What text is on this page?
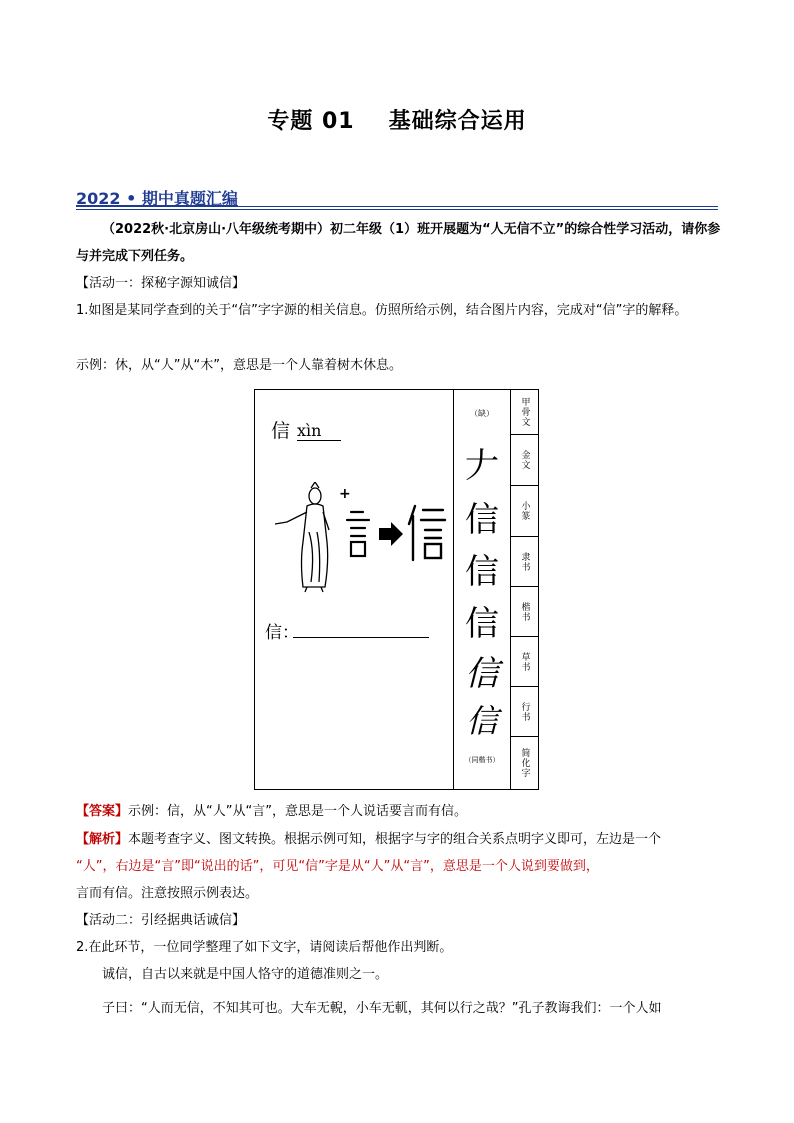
专题 01 基础综合运用
2022 • 期中真题汇编
（2022秋·北京房山·八年级统考期中）初二年级（1）班开展题为“人无信不立”的综合性学习活动，请你参与并完成下列任务。
【活动一：探秘字源知诚信】
1.如图是某同学查到的关于“信”字字源的相关信息。仿照所给示例，结合图片内容，完成对“信”字的解释。
示例：休，从“人”从“木”，意思是一个人靠着树木休息。
信 xìn
+
信：
（缺）
𠂇
信
信
信
信
信
（同楷书）
甲骨文
金文
小篆
隶书
楷书
草书
行书
简化字
【答案】示例：信，从“人”从“言”，意思是一个人说话要言而有信。
【解析】本题考查字义、图文转换。根据示例可知，根据字与字的组合关系点明字义即可，左边是一个
“人”，右边是“言”即“说出的话”，可见“信”字是从“人”从“言”，意思是一个人说到要做到，
言而有信。注意按照示例表达。
【活动二：引经据典话诚信】
2.在此环节，一位同学整理了如下文字，请阅读后帮他作出判断。
诚信，自古以来就是中国人恪守的道德准则之一。
子曰：“人而无信，不知其可也。大车无輗，小车无軏，其何以行之哉？”孔子教诲我们：一个人如
